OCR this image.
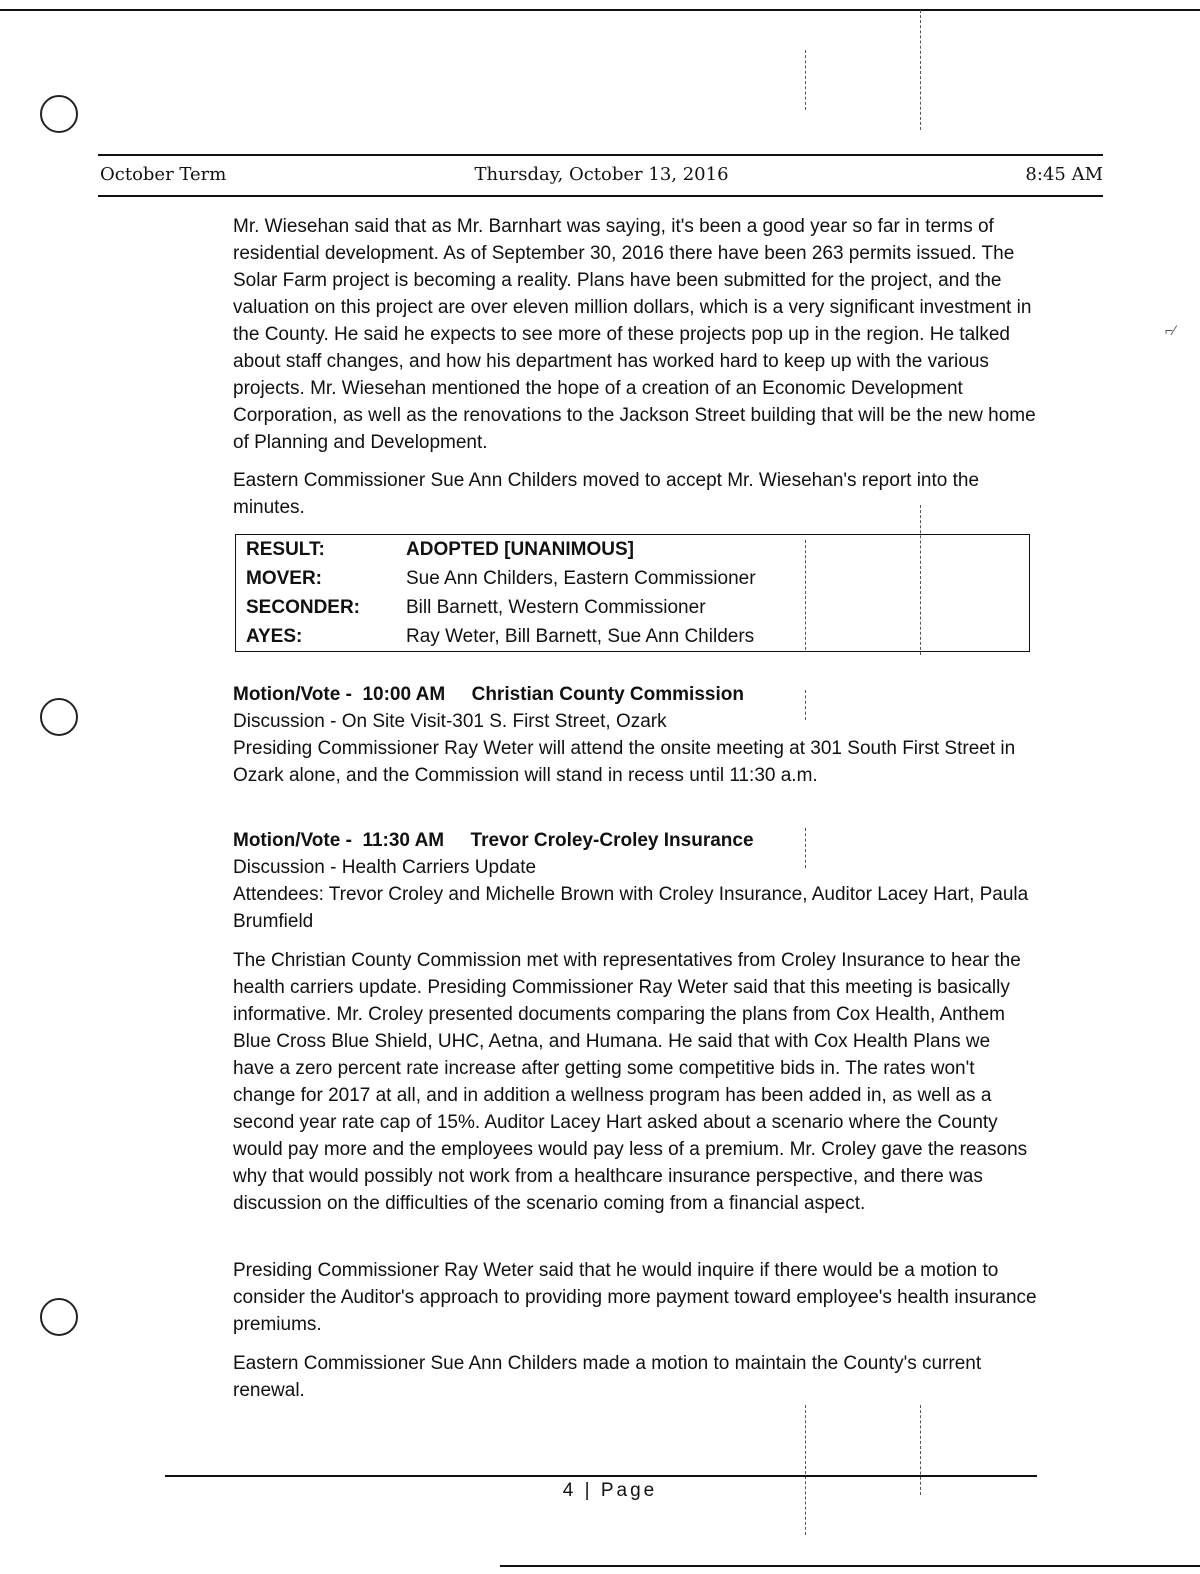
⌐⁄
October Term	Thursday, October 13, 2016	8:45 AM

Mr. Wiesehan said that as Mr. Barnhart was saying, it's been a good year so far in terms of residential development. As of September 30, 2016 there have been 263 permits issued. The Solar Farm project is becoming a reality. Plans have been submitted for the project, and the valuation on this project are over eleven million dollars, which is a very significant investment in the County. He said he expects to see more of these projects pop up in the region. He talked about staff changes, and how his department has worked hard to keep up with the various projects. Mr. Wiesehan mentioned the hope of a creation of an Economic Development Corporation, as well as the renovations to the Jackson Street building that will be the new home of Planning and Development.

Eastern Commissioner Sue Ann Childers moved to accept Mr. Wiesehan's report into the minutes.

RESULT:	ADOPTED [UNANIMOUS]
MOVER:	Sue Ann Childers, Eastern Commissioner
SECONDER:	Bill Barnett, Western Commissioner
AYES:	Ray Weter, Bill Barnett, Sue Ann Childers

Motion/Vote -  10:00 AM Christian County Commission

Discussion - On Site Visit-301 S. First Street, Ozark

Presiding Commissioner Ray Weter will attend the onsite meeting at 301 South First Street in Ozark alone, and the Commission will stand in recess until 11:30 a.m.

Motion/Vote -  11:30 AM Trevor Croley-Croley Insurance

Discussion - Health Carriers Update

Attendees: Trevor Croley and Michelle Brown with Croley Insurance, Auditor Lacey Hart, Paula Brumfield

The Christian County Commission met with representatives from Croley Insurance to hear the health carriers update. Presiding Commissioner Ray Weter said that this meeting is basically informative. Mr. Croley presented documents comparing the plans from Cox Health, Anthem Blue Cross Blue Shield, UHC, Aetna, and Humana. He said that with Cox Health Plans we have a zero percent rate increase after getting some competitive bids in. The rates won't change for 2017 at all, and in addition a wellness program has been added in, as well as a second year rate cap of 15%. Auditor Lacey Hart asked about a scenario where the County would pay more and the employees would pay less of a premium. Mr. Croley gave the reasons why that would possibly not work from a healthcare insurance perspective, and there was discussion on the difficulties of the scenario coming from a financial aspect.

Presiding Commissioner Ray Weter said that he would inquire if there would be a motion to consider the Auditor's approach to providing more payment toward employee's health insurance premiums.

Eastern Commissioner Sue Ann Childers made a motion to maintain the County's current renewal.

4 | Page
